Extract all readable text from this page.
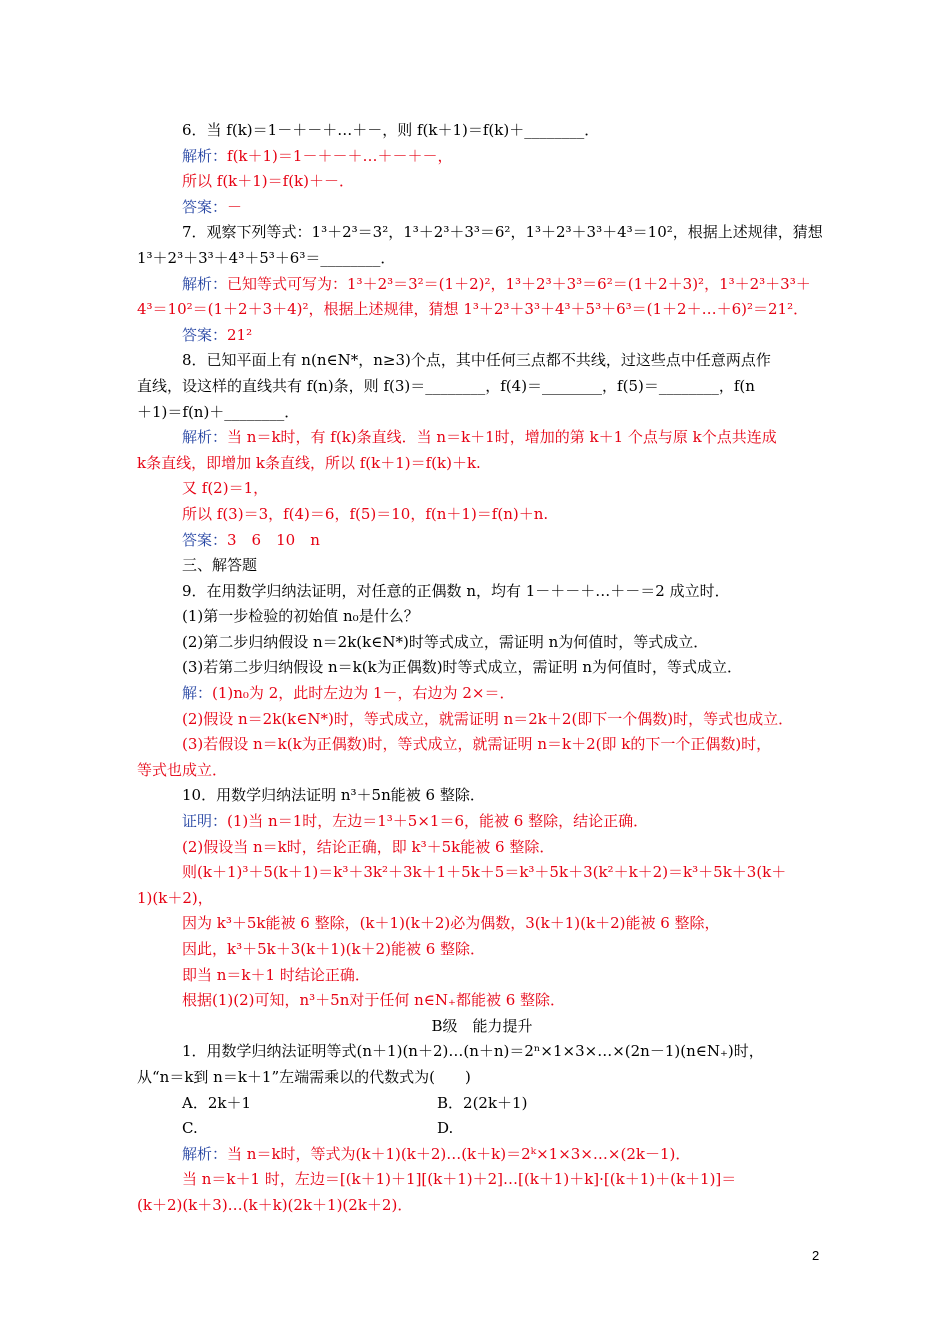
6．当 f(k)＝1－＋－＋…＋－，则 f(k＋1)＝f(k)＋________．
解析：f(k＋1)＝1－＋－＋…＋－＋－，
所以 f(k＋1)＝f(k)＋－．
答案：－
7．观察下列等式：1³＋2³＝3²，1³＋2³＋3³＝6²，1³＋2³＋3³＋4³＝10²，根据上述规律，猜想
1³＋2³＋3³＋4³＋5³＋6³＝________．
解析：已知等式可写为：1³＋2³＝3²＝(1＋2)²，1³＋2³＋3³＝6²＝(1＋2＋3)²，1³＋2³＋3³＋
4³＝10²＝(1＋2＋3＋4)²，根据上述规律，猜想 1³＋2³＋3³＋4³＋5³＋6³＝(1＋2＋…＋6)²＝21²．
答案：21²
8．已知平面上有 n(n∈N*，n≥3)个点，其中任何三点都不共线，过这些点中任意两点作
直线，设这样的直线共有 f(n)条，则 f(3)＝________，f(4)＝________，f(5)＝________，f(n
＋1)＝f(n)＋________．
解析：当 n＝k时，有 f(k)条直线．当 n＝k＋1时，增加的第 k＋1 个点与原 k个点共连成
k条直线，即增加 k条直线，所以 f(k＋1)＝f(k)＋k.
又 f(2)＝1，
所以 f(3)＝3，f(4)＝6，f(5)＝10，f(n＋1)＝f(n)＋n.
答案：3　6　10　n
三、解答题
9．在用数学归纳法证明，对任意的正偶数 n，均有 1－＋－＋…＋－＝2 成立时．
(1)第一步检验的初始值 n₀是什么？
(2)第二步归纳假设 n＝2k(k∈N*)时等式成立，需证明 n为何值时，等式成立．
(3)若第二步归纳假设 n＝k(k为正偶数)时等式成立，需证明 n为何值时，等式成立．
解：(1)n₀为 2，此时左边为 1－，右边为 2×＝．
(2)假设 n＝2k(k∈N*)时，等式成立，就需证明 n＝2k＋2(即下一个偶数)时，等式也成立．
(3)若假设 n＝k(k为正偶数)时，等式成立，就需证明 n＝k＋2(即 k的下一个正偶数)时，
等式也成立．
10．用数学归纳法证明 n³＋5n能被 6 整除．
证明：(1)当 n＝1时，左边＝1³＋5×1＝6，能被 6 整除，结论正确．
(2)假设当 n＝k时，结论正确，即 k³＋5k能被 6 整除．
则(k＋1)³＋5(k＋1)＝k³＋3k²＋3k＋1＋5k＋5＝k³＋5k＋3(k²＋k＋2)＝k³＋5k＋3(k＋
1)(k＋2)，
因为 k³＋5k能被 6 整除，(k＋1)(k＋2)必为偶数，3(k＋1)(k＋2)能被 6 整除，
因此，k³＋5k＋3(k＋1)(k＋2)能被 6 整除．
即当 n＝k＋1 时结论正确．
根据(1)(2)可知，n³＋5n对于任何 n∈N₊都能被 6 整除．
B级　能力提升
1．用数学归纳法证明等式(n＋1)(n＋2)…(n＋n)＝2ⁿ×1×3×…×(2n－1)(n∈N₊)时，
从“n＝k到 n＝k＋1”左端需乘以的代数式为(　　)
A．2k＋1	B．2(2k＋1)
C.	D.
解析：当 n＝k时，等式为(k＋1)(k＋2)…(k＋k)＝2ᵏ×1×3×…×(2k－1)．
当 n＝k＋1 时，左边＝[(k＋1)＋1][(k＋1)＋2]…[(k＋1)＋k]·[(k＋1)＋(k＋1)]＝
(k＋2)(k＋3)…(k＋k)(2k＋1)(2k＋2)．
2
